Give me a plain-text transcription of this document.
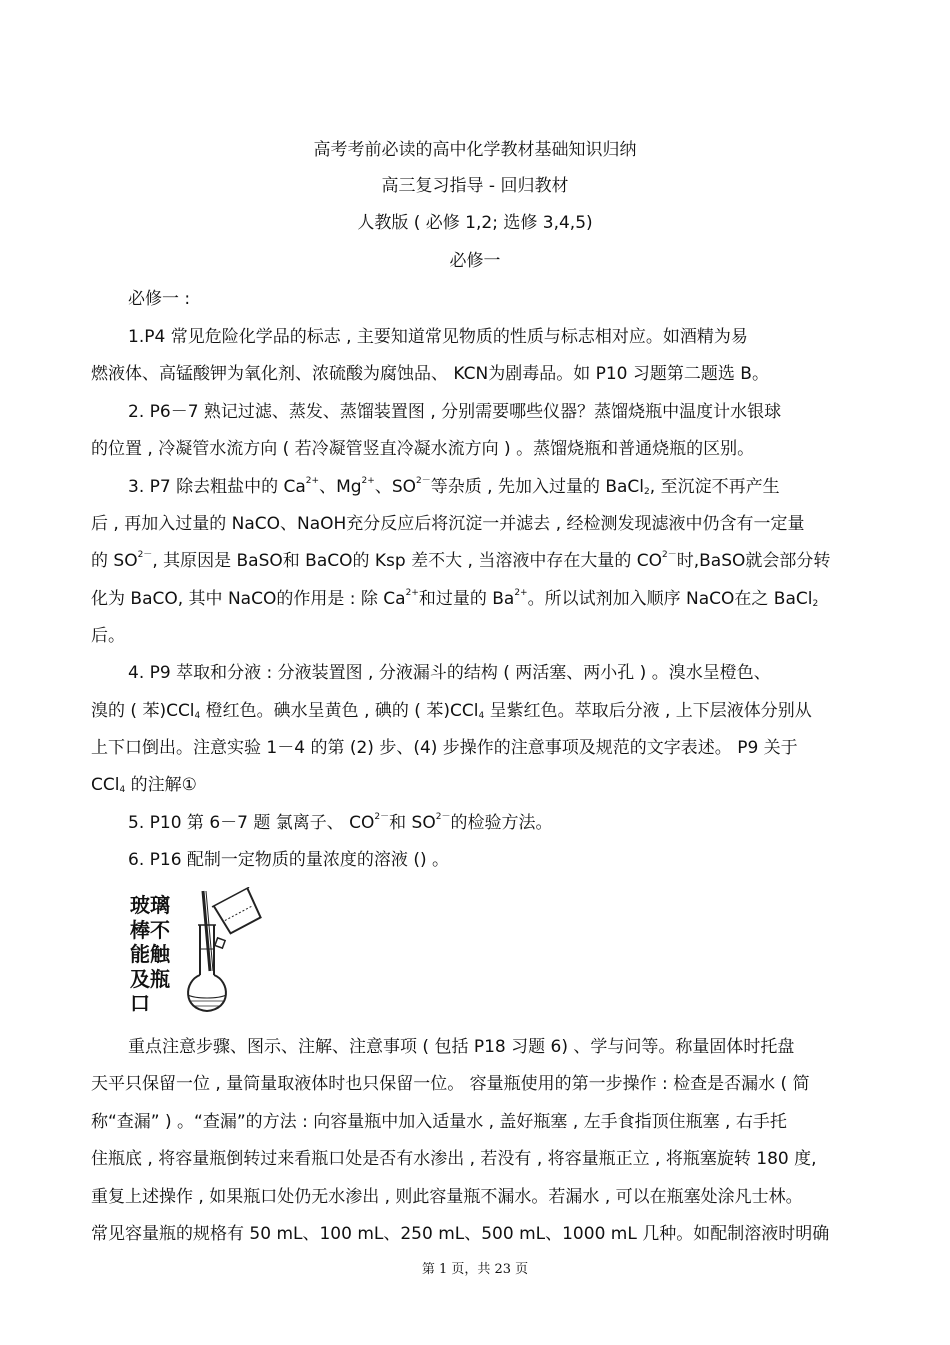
高考考前必读的高中化学教材基础知识归纳
高三复习指导 - 回归教材
人教版 ( 必修 1,2; 选修 3,4,5)
必修一
必修一 :
1.P4 常见危险化学品的标志 , 主要知道常见物质的性质与标志相对应。如酒精为易
燃液体、高锰酸钾为氧化剂、浓硫酸为腐蚀品、 KCN为剧毒品。如 P10 习题第二题选 B。
2. P6－7 熟记过滤、蒸发、蒸馏装置图 , 分别需要哪些仪器？蒸馏烧瓶中温度计水银球
的位置 , 冷凝管水流方向 ( 若冷凝管竖直冷凝水流方向 ) 。蒸馏烧瓶和普通烧瓶的区别。
3. P7 除去粗盐中的 $Ca^{2+}$、$Mg^{2+}$、$SO^{2-}$等杂质 , 先加入过量的 BaCl$_2$, 至沉淀不再产生
后 , 再加入过量的 NaCO、NaOH充分反应后将沉淀一并滤去 , 经检测发现滤液中仍含有一定量
的 $SO^{2-}$, 其原因是 BaSO和 BaCO的 Ksp 差不大 , 当溶液中存在大量的 $CO^{2-}$时,BaSO就会部分转
化为 BaCO, 其中 NaCO的作用是 : 除 $Ca^{2+}$和过量的 $Ba^{2+}$。所以试剂加入顺序 NaCO在之 BaCl$_2$
后。
4. P9 萃取和分液 : 分液装置图 , 分液漏斗的结构 ( 两活塞、两小孔 ) 。溴水呈橙色、
溴的 ( 苯)CCl$_4$ 橙红色。碘水呈黄色 , 碘的 ( 苯)CCl$_4$ 呈紫红色。萃取后分液 , 上下层液体分别从
上下口倒出。注意实验 1－4 的第 (2) 步、(4) 步操作的注意事项及规范的文字表述。 P9 关于
CCl$_4$ 的注解①
5. P10 第 6－7 题 氯离子、 $CO^{2-}$和 $SO^{2-}$的检验方法。
6. P16 配制一定物质的量浓度的溶液 () 。
玻璃棒不能触及瓶口
重点注意步骤、图示、注解、注意事项 ( 包括 P18 习题 6) 、学与问等。称量固体时托盘
天平只保留一位 , 量筒量取液体时也只保留一位。 容量瓶使用的第一步操作 : 检查是否漏水 ( 简
称“查漏” ) 。“查漏”的方法 : 向容量瓶中加入适量水 , 盖好瓶塞 , 左手食指顶住瓶塞 , 右手托
住瓶底 , 将容量瓶倒转过来看瓶口处是否有水渗出 , 若没有 , 将容量瓶正立 , 将瓶塞旋转 180 度,
重复上述操作 , 如果瓶口处仍无水渗出 , 则此容量瓶不漏水。若漏水 , 可以在瓶塞处涂凡士林。
常见容量瓶的规格有 50 mL、100 mL、250 mL、500 mL、1000 mL 几种。如配制溶液时明确
第 1 页，共 23 页
